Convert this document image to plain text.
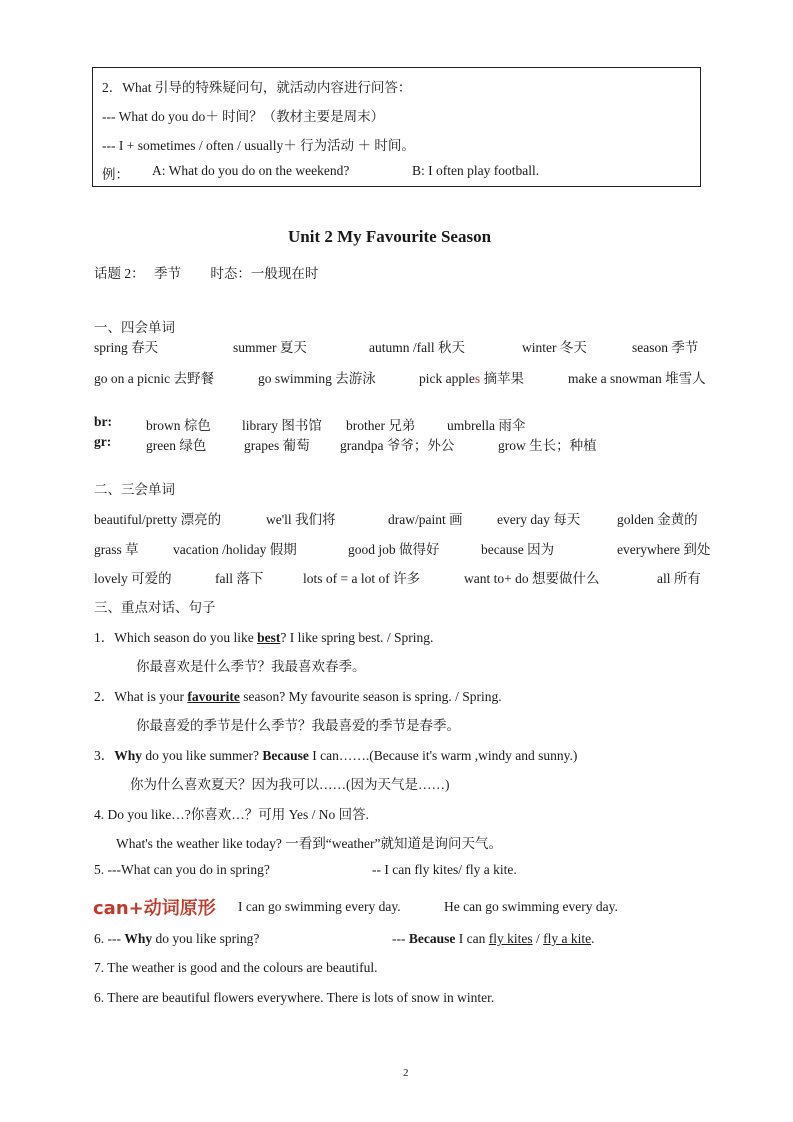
2．What 引导的特殊疑问句，就活动内容进行问答：
--- What do you do＋ 时间？（教材主要是周末）
--- I + sometimes / often / usually＋ 行为活动 ＋ 时间。
例： A: What do you do on the weekend?	B: I often play football.
Unit 2 My Favourite Season
话题 2： 季节 时态：一般现在时
一、四会单词
spring 春天	summer 夏天	autumn /fall 秋天	winter 冬天	season 季节
go on a picnic 去野餐	go swimming 去游泳	pick apples 摘苹果	make a snowman 堆雪人
br:	brown 棕色 library 图书馆 brother 兄弟 umbrella 雨伞
gr:	green 绿色	grapes 葡萄 grandpa 爷爷；外公	grow 生长；种植
二、三会单词
beautiful/pretty 漂亮的	we'll 我们将	draw/paint 画	every day 每天	golden 金黄的
grass 草	vacation /holiday 假期	good job 做得好	because 因为	everywhere 到处
lovely 可爱的	fall 落下	lots of = a lot of 许多	want to+ do 想要做什么	all 所有
三、重点对话、句子
1．Which season do you like best? I like spring best. / Spring.
你最喜欢是什么季节？我最喜欢春季。
2．What is your favourite season? My favourite season is spring. / Spring.
你最喜爱的季节是什么季节？我最喜爱的季节是春季。
3．Why do you like summer? Because I can…….(Because it's warm ,windy and sunny.)
你为什么喜欢夏天？因为我可以……(因为天气是……)
4. Do you like…?你喜欢…？可用 Yes / No 回答.
What's the weather like today? 一看到“weather”就知道是询问天气。
5. ---What can you do in spring?	-- I can fly kites/ fly a kite.
can+动词原形 I can go swimming every day.	He can go swimming every day.
6. --- Why do you like spring?	--- Because I can fly kites / fly a kite.
7. The weather is good and the colours are beautiful.
6. There are beautiful flowers everywhere. There is lots of snow in winter.
2
